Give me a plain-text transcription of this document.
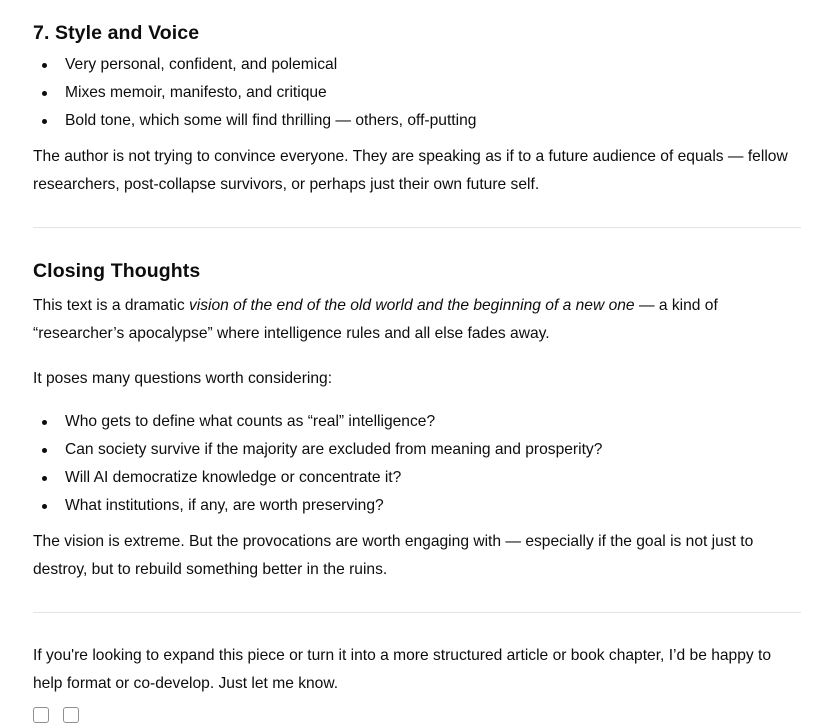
7. Style and Voice
Very personal, confident, and polemical
Mixes memoir, manifesto, and critique
Bold tone, which some will find thrilling — others, off-putting

The author is not trying to convince everyone. They are speaking as if to a future audience of equals — fellow researchers, post-collapse survivors, or perhaps just their own future self.

Closing Thoughts

This text is a dramatic vision of the end of the old world and the beginning of a new one — a kind of “researcher’s apocalypse” where intelligence rules and all else fades away.

It poses many questions worth considering:

Who gets to define what counts as “real” intelligence?
Can society survive if the majority are excluded from meaning and prosperity?
Will AI democratize knowledge or concentrate it?
What institutions, if any, are worth preserving?

The vision is extreme. But the provocations are worth engaging with — especially if the goal is not just to destroy, but to rebuild something better in the ruins.

If you're looking to expand this piece or turn it into a more structured article or book chapter, I’d be happy to help format or co-develop. Just let me know.
